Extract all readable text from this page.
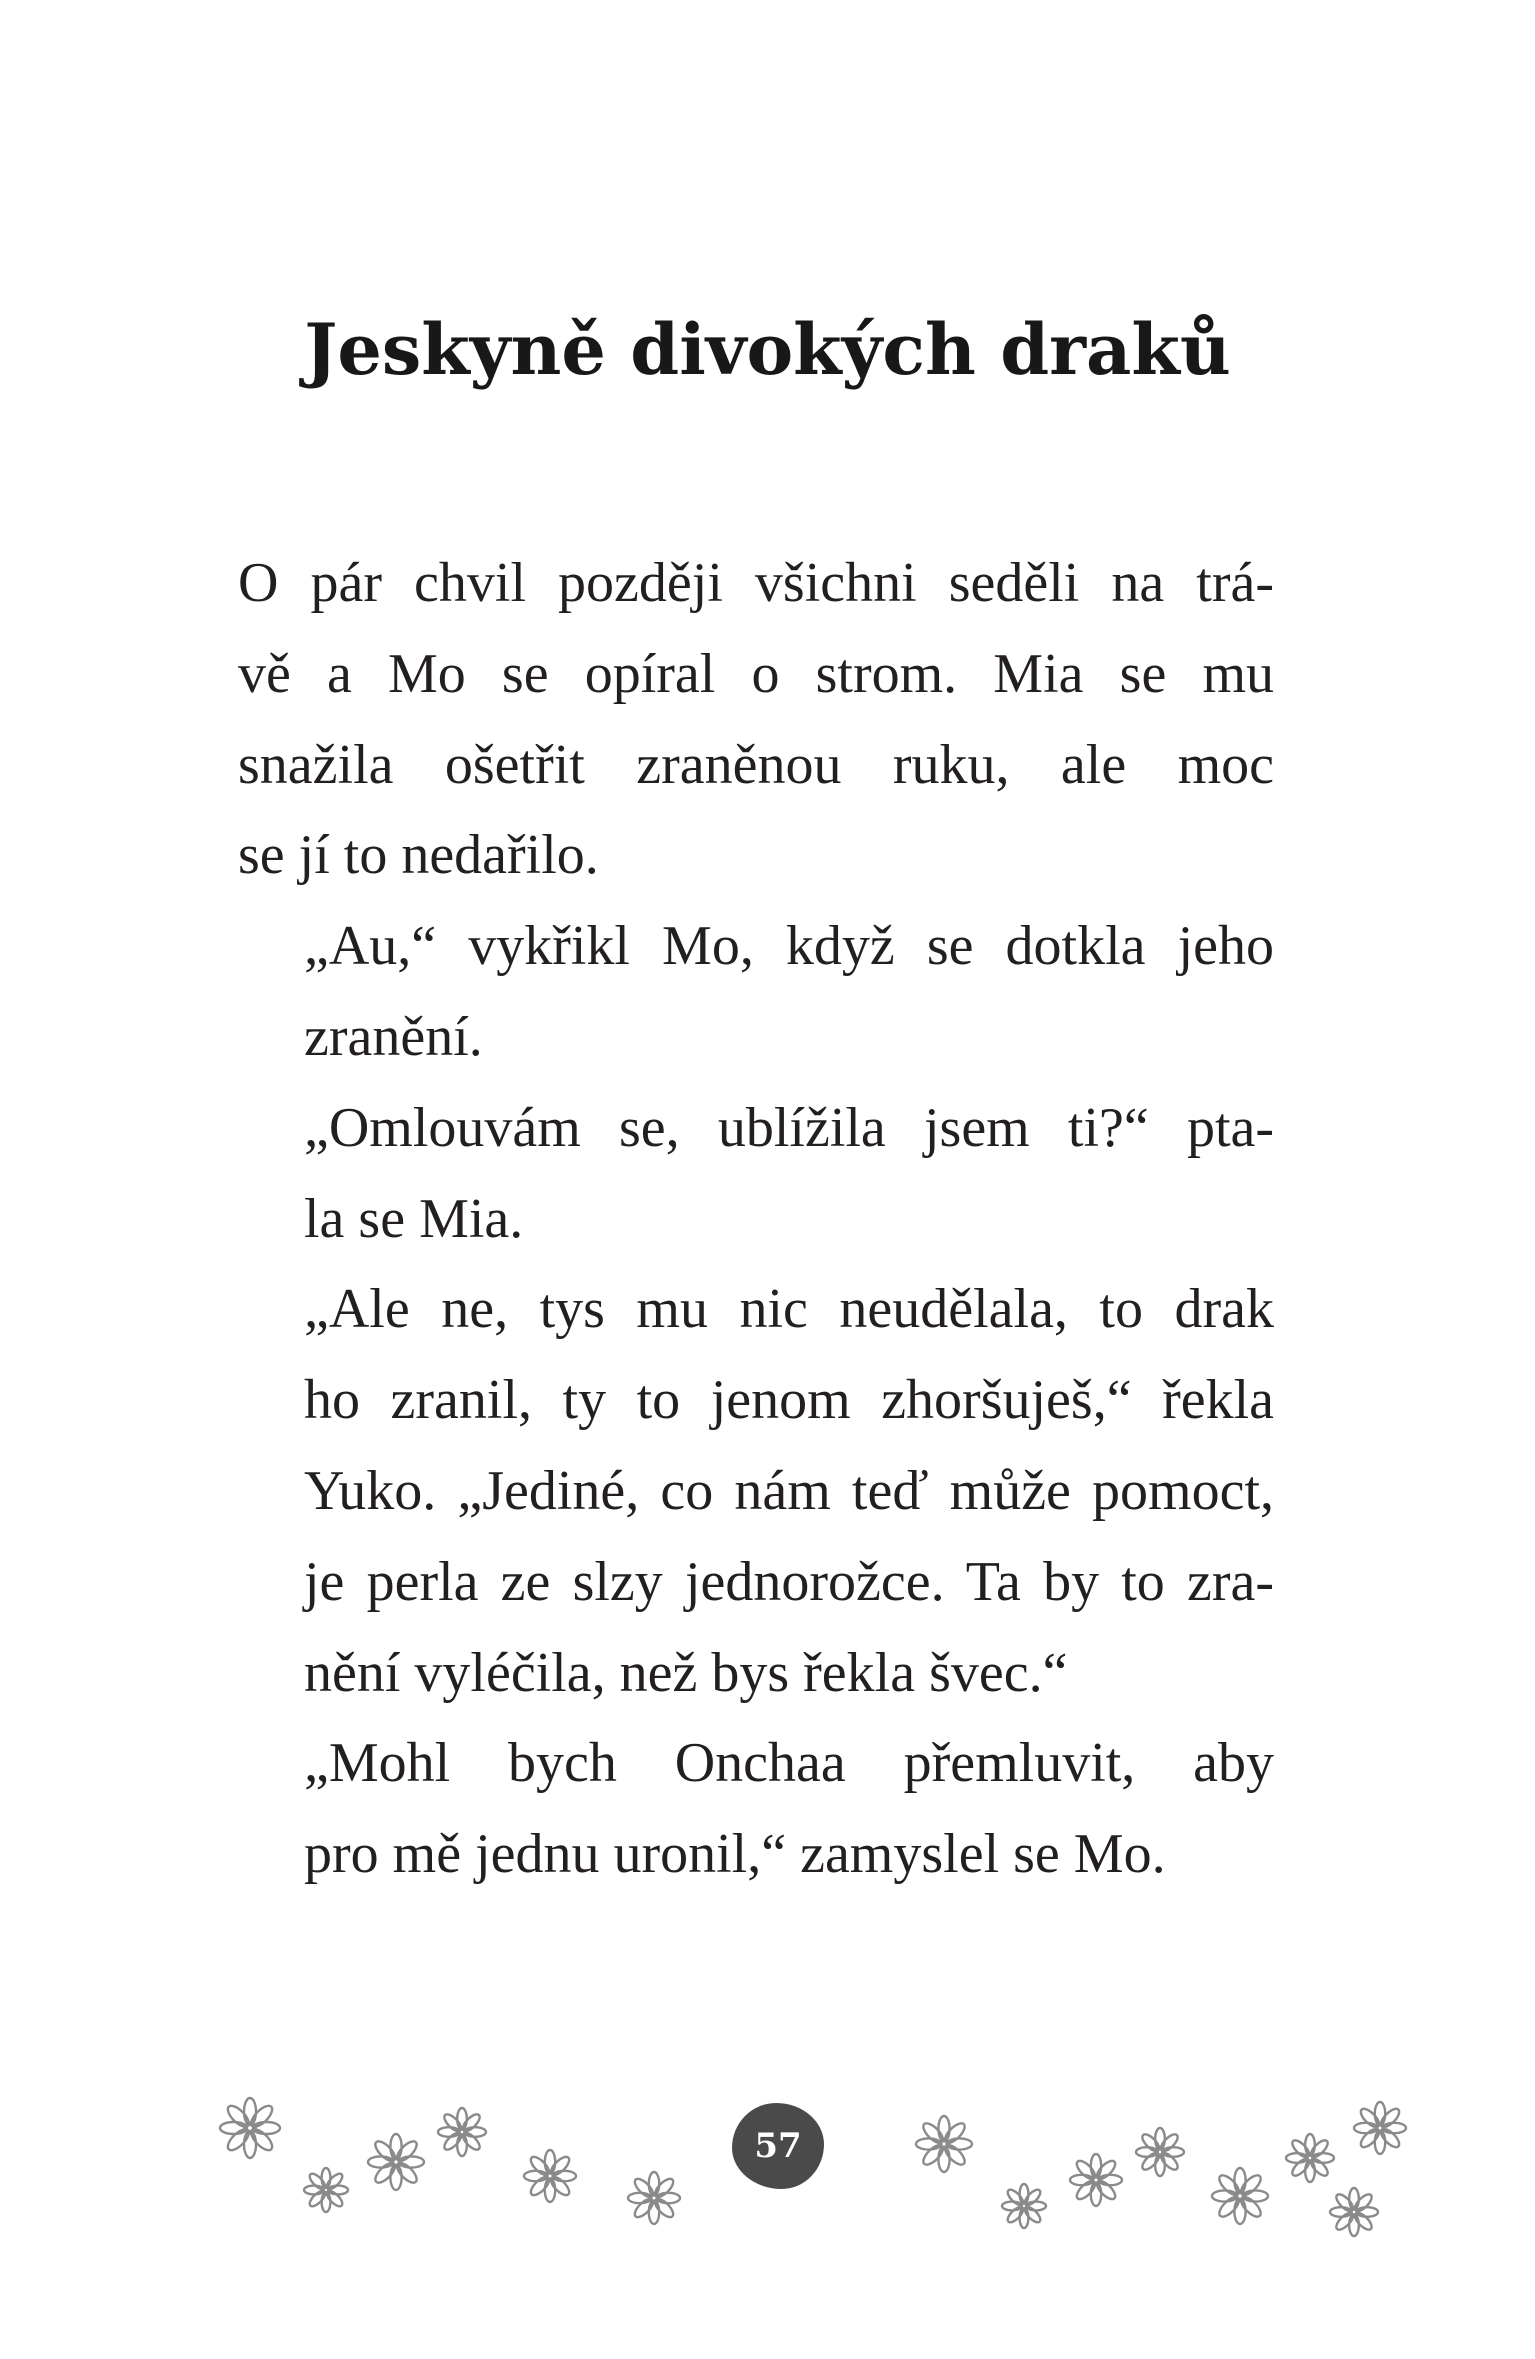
Jeskyně divokých draků

O pár chvil později všichni seděli na trá-
vě a Mo se opíral o strom. Mia se mu
snažila ošetřit zraněnou ruku, ale moc
se jí to nedařilo.

„Au,“ vykřikl Mo, když se dotkla jeho
zranění.

„Omlouvám se, ublížila jsem ti?“ pta-
la se Mia.

„Ale ne, tys mu nic neudělala, to drak
ho zranil, ty to jenom zhoršuješ,“ řekla
Yuko. „Jediné, co nám teď může pomoct,
je perla ze slzy jednorožce. Ta by to zra-
nění vyléčila, než bys řekla švec.“

„Mohl bych Onchaa přemluvit, aby
pro mě jednu uronil,“ zamyslel se Mo.

57
